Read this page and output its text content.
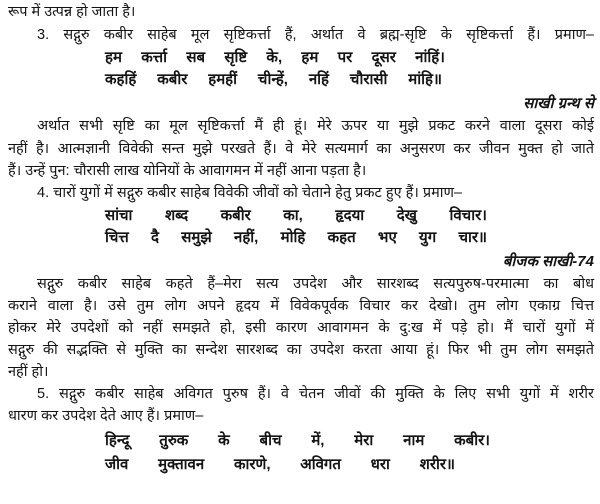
रूप में उत्पन्न हो जाता है।
3. सद्गुरु कबीर साहेब मूल सृष्टिकर्त्ता हैं, अर्थात वे ब्रह्म-सृष्टि के सृष्टिकर्त्ता हैं। प्रमाण–
हम कर्त्ता सब सृष्टि के, हम पर दूसर नांहिं।
कहहिं कबीर हमहीं चीन्हें, नहिं चौरासी मांहि॥
साखी ग्रन्थ से
अर्थात सभी सृष्टि का मूल सृष्टिकर्त्ता मैं ही हूं। मेरे ऊपर या मुझे प्रकट करने वाला दूसरा कोई
नहीं है। आत्मज्ञानी विवेकी सन्त मुझे परखते हैं। वे मेरे सत्यमार्ग का अनुसरण कर जीवन मुक्त हो जाते
हैं। उन्हें पुन: चौरासी लाख योनियों के आवागमन में नहीं आना पड़ता है।
4. चारों युगों में सद्गुरु कबीर साहेब विवेकी जीवों को चेताने हेतु प्रकट हुए हैं। प्रमाण–
सांचा शब्द कबीर का, हृदया देखु विचार।
चित्त दै समुझे नहीं, मोहि कहत भए युग चार॥
बीजक साखी-74
सद्गुरु कबीर साहेब कहते हैं–मेरा सत्य उपदेश और सारशब्द सत्यपुरुष-परमात्मा का बोध
कराने वाला है। उसे तुम लोग अपने हृदय में विवेकपूर्वक विचार कर देखो। तुम लोग एकाग्र चित्त
होकर मेरे उपदेशों को नहीं समझते हो, इसी कारण आवागमन के दु:ख में पड़े हो। मैं चारों युगों में
सद्गुरु की सद्भक्ति से मुक्ति का सन्देश सारशब्द का उपदेश करता आया हूं। फिर भी तुम लोग समझते
नहीं हो।
5. सद्गुरु कबीर साहेब अविगत पुरुष हैं। वे चेतन जीवों की मुक्ति के लिए सभी युगों में शरीर
धारण कर उपदेश देते आए हैं। प्रमाण–
हिन्दू तुरुक के बीच में, मेरा नाम कबीर।
जीव मुक्तावन कारणे, अविगत धरा शरीर॥
